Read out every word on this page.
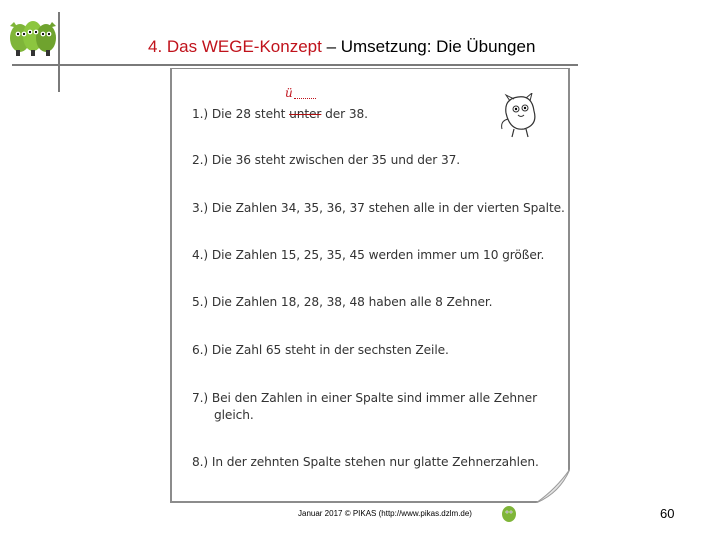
4. Das WEGE-Konzept – Umsetzung: Die Übungen
ü
1.) Die 28 steht unter der 38.
2.) Die 36 steht zwischen der 35 und der 37.
3.) Die Zahlen 34, 35, 36, 37 stehen alle in der vierten Spalte.
4.) Die Zahlen 15, 25, 35, 45 werden immer um 10 größer.
5.) Die Zahlen 18, 28, 38, 48 haben alle 8 Zehner.
6.) Die Zahl 65 steht in der sechsten Zeile.
7.) Bei den Zahlen in einer Spalte sind immer alle Zehner
gleich.
8.) In der zehnten Spalte stehen nur glatte Zehnerzahlen.
Januar 2017 © PIKAS (http://www.pikas.dzlm.de)	60
